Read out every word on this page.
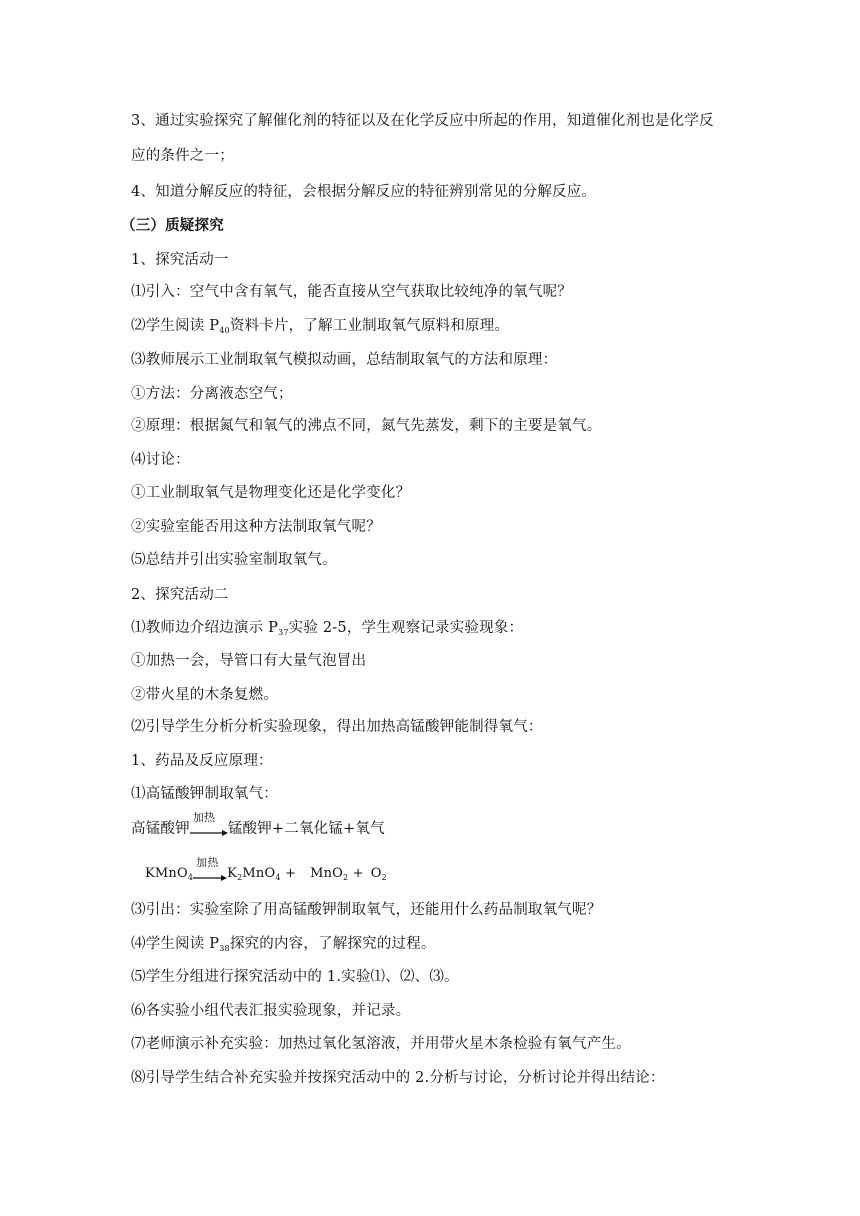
3、通过实验探究了解催化剂的特征以及在化学反应中所起的作用，知道催化剂也是化学反
应的条件之一；
4、知道分解反应的特征，会根据分解反应的特征辨别常见的分解反应。
（三）质疑探究
1、探究活动一
⑴引入：空气中含有氧气，能否直接从空气获取比较纯净的氧气呢？
⑵学生阅读 $P_{40}$资料卡片，了解工业制取氧气原料和原理。
⑶教师展示工业制取氧气模拟动画，总结制取氧气的方法和原理：
①方法：分离液态空气；
②原理：根据氮气和氧气的沸点不同，氮气先蒸发，剩下的主要是氧气。
⑷讨论：
①工业制取氧气是物理变化还是化学变化？
②实验室能否用这种方法制取氧气呢？
⑸总结并引出实验室制取氧气。
2、探究活动二
⑴教师边介绍边演示 $P_{37}$实验 2-5，学生观察记录实验现象：
①加热一会，导管口有大量气泡冒出
②带火星的木条复燃。
⑵引导学生分析分析实验现象，得出加热高锰酸钾能制得氧气：
1、药品及反应原理：
⑴高锰酸钾制取氧气：
高锰酸钾
加热
锰酸钾+二氧化锰+氧气
KMnO$_4$
加热
$K_2MnO_4 + MnO_2 + O_2$
⑶引出：实验室除了用高锰酸钾制取氧气，还能用什么药品制取氧气呢？
⑷学生阅读 $P_{38}$探究的内容，了解探究的过程。
⑸学生分组进行探究活动中的 1.实验⑴、⑵、⑶。
⑹各实验小组代表汇报实验现象，并记录。
⑺老师演示补充实验：加热过氧化氢溶液，并用带火星木条检验有氧气产生。
⑻引导学生结合补充实验并按探究活动中的 2.分析与讨论，分析讨论并得出结论：
